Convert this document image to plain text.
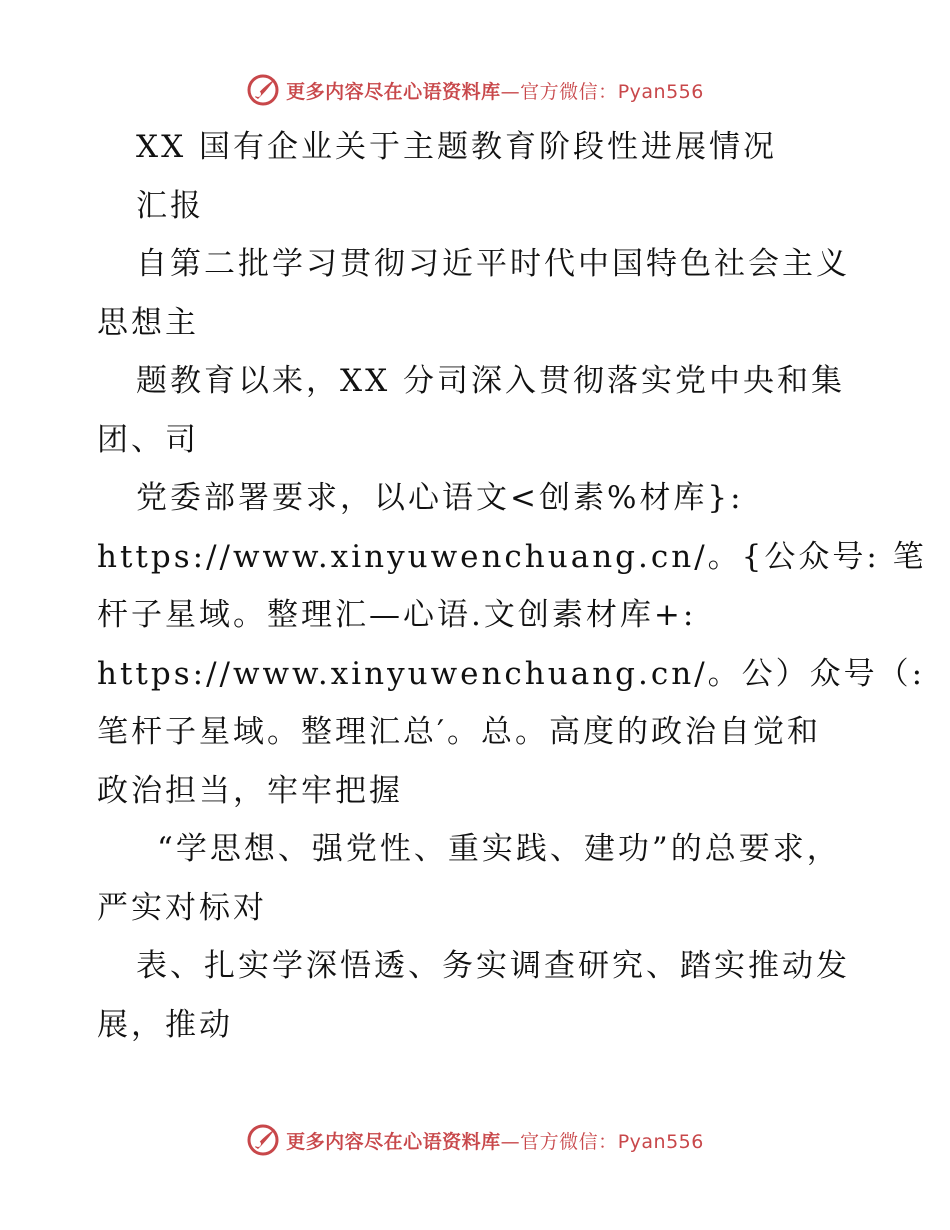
更多内容尽在心语资料库—官方微信：Pyan556
XX 国有企业关于主题教育阶段性进展情况
汇报
自第二批学习贯彻习近平时代中国特色社会主义
思想主
题教育以来，XX 分司深入贯彻落实党中央和集
团、司
党委部署要求，以心语文<创素%材库}:
https://www.xinyuwenchuang.cn/。{公众号: 笔
杆子星域。整理汇—心语.文创素材库+:
https://www.xinyuwenchuang.cn/。公）众号（:
笔杆子星域。整理汇总′。总。高度的政治自觉和
政治担当，牢牢把握
“学思想、强党性、重实践、建功”的总要求，
严实对标对
表、扎实学深悟透、务实调查研究、踏实推动发
展，推动
更多内容尽在心语资料库—官方微信：Pyan556
